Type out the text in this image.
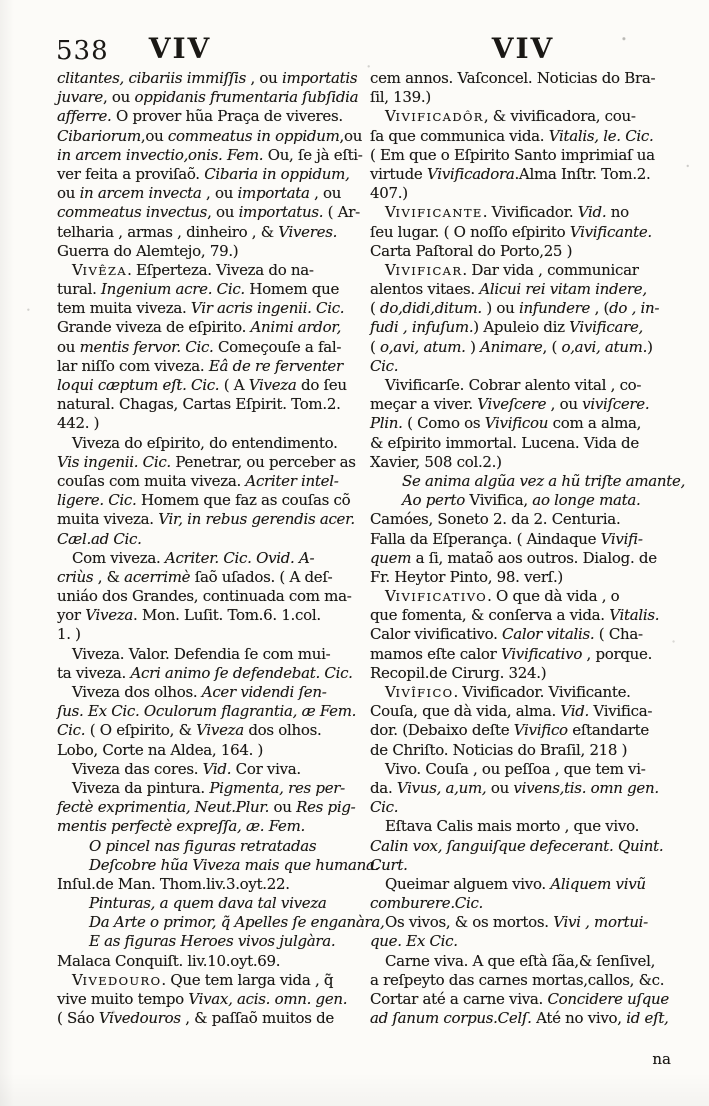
538	VIV	VIV
clitantes, cibariis immiſſis , ou importatis
juvare, ou oppidanis frumentaria ſubſidia
afferre. O prover hũa Praça de viveres.
Cibariorum,ou commeatus in oppidum,ou
in arcem invectio,onis. Fem. Ou, ſe jà eſti-
ver feita a proviſaõ. Cibaria in oppidum,
ou in arcem invecta , ou importata , ou
commeatus invectus, ou importatus. ( Ar-
telharia , armas , dinheiro , & Viveres.
Guerra do Alemtejo, 79.)
VIVÊZA. Eſperteza. Viveza do na-
tural. Ingenium acre. Cic. Homem que
tem muita viveza. Vir acris ingenii. Cic.
Grande viveza de eſpirito. Animi ardor,
ou mentis fervor. Cic. Começouſe a fal-
lar niſſo com viveza. Eâ de re ferventer
loqui cæptum eſt. Cic. ( A Viveza do ſeu
natural. Chagas, Cartas Eſpirit. Tom.2.
442. )
Viveza do eſpirito, do entendimento.
Vis ingenii. Cic. Penetrar, ou perceber as
couſas com muita viveza. Acriter intel-
ligere. Cic. Homem que faz as couſas cõ
muita viveza. Vir, in rebus gerendis acer.
Cæl.ad Cic.
Com viveza. Acriter. Cic. Ovid. A-
criùs , & acerrimè ſaõ uſados. ( A deſ-
uniáo dos Grandes, continuada com ma-
yor Viveza. Mon. Luſit. Tom.6. 1.col.
1. )
Viveza. Valor. Defendia ſe com mui-
ta viveza. Acri animo ſe defendebat. Cic.
Viveza dos olhos. Acer videndi ſen-
ſus. Ex Cic. Oculorum flagrantia, æ Fem.
Cic. ( O eſpirito, & Viveza dos olhos.
Lobo, Corte na Aldea, 164. )
Viveza das cores. Vid. Cor viva.
Viveza da pintura. Pigmenta, res per-
fectè exprimentia, Neut.Plur. ou Res pig-
mentis perfectè expreſſa, æ. Fem.
O pincel nas figuras retratadas
Deſcobre hũa Viveza mais que humana.
Inſul.de Man. Thom.liv.3.oyt.22.
Pinturas, a quem dava tal viveza
Da Arte o primor, q̃ Apelles ſe enganàra,
E as figuras Heroes vivos julgàra.
Malaca Conquiſt. liv.10.oyt.69.
VIVEDOURO. Que tem larga vida , q̃
vive muito tempo Vivax, acis. omn. gen.
( Sáo Vivedouros , & paſſaõ muitos de
cem annos. Vaſconcel. Noticias do Bra-
ſil, 139.)
VIVIFICADÔR, & vivificadora, cou-
ſa que communica vida. Vitalis, le. Cic.
( Em que o Eſpirito Santo imprimiaſ ua
virtude Vivificadora.Alma Inſtr. Tom.2.
407.)
VIVIFICANTE. Vivificador. Vid. no
ſeu lugar. ( O noſſo eſpirito Vivificante.
Carta Paſtoral do Porto,25 )
VIVIFICAR. Dar vida , communicar
alentos vitaes. Alicui rei vitam indere,
( do,didi,ditum. ) ou infundere , (do , in-
fudi , infuſum.) Apuleio diz Vivificare,
( o,avi, atum. ) Animare, ( o,avi, atum.)
Cic.
Vivificarſe. Cobrar alento vital , co-
meçar a viver. Viveſcere , ou viviſcere.
Plin. ( Como os Vivificou com a alma,
& eſpirito immortal. Lucena. Vida de
Xavier, 508 col.2.)
Se anima algũa vez a hũ triſte amante,
Ao perto Vivifica, ao longe mata.
Camóes, Soneto 2. da 2. Centuria.
Falla da Eſperança. ( Aindaque Vivifi-
quem a ſi, mataõ aos outros. Dialog. de
Fr. Heytor Pinto, 98. verſ.)
VIVIFICATIVO. O que dà vida , o
que fomenta, & conſerva a vida. Vitalis.
Calor vivificativo. Calor vitalis. ( Cha-
mamos eſte calor Vivificativo , porque.
Recopil.de Cirurg. 324.)
VIVÎFICO. Vivificador. Vivificante.
Couſa, que dà vida, alma. Vid. Vivifica-
dor. (Debaixo deſte Vivifico eſtandarte
de Chriſto. Noticias do Braſil, 218 )
Vivo. Couſa , ou peſſoa , que tem vi-
da. Vivus, a,um, ou vivens,tis. omn gen.
Cic.
Eſtava Calis mais morto , que vivo.
Calin vox, ſanguiſque defecerant. Quint.
Curt.
Queimar alguem vivo. Aliquem vivũ
comburere.Cic.
Os vivos, & os mortos. Vivi , mortui-
que. Ex Cic.
Carne viva. A que eſtà ſãa,& ſenſivel,
a reſpeyto das carnes mortas,callos, &c.
Cortar até a carne viva. Concidere uſque
ad ſanum corpus.Celſ. Até no vivo, id eſt,
na
